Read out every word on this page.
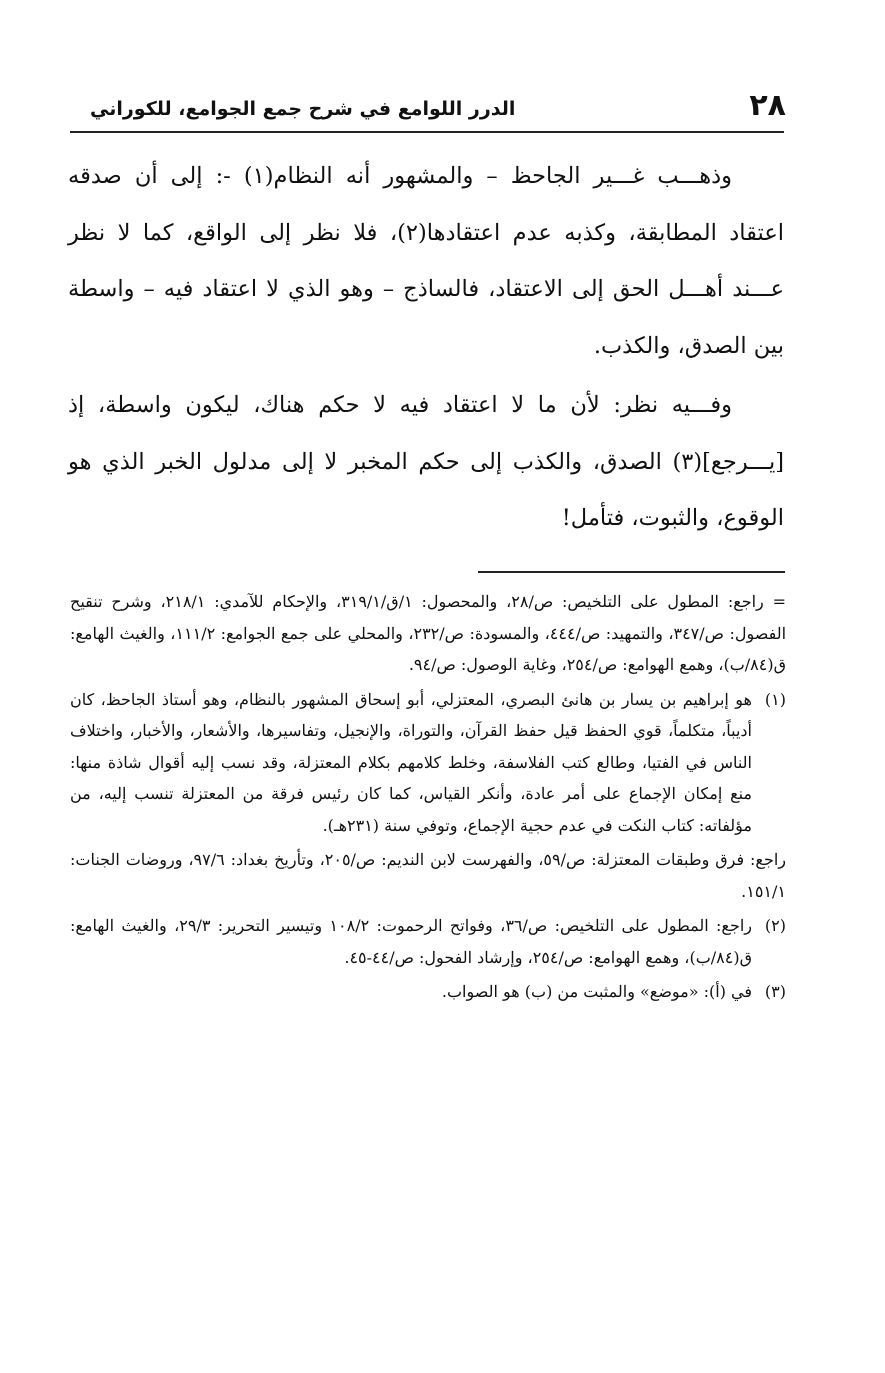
٢٨
الدرر اللوامع في شرح جمع الجوامع، للكوراني

وذهـــب غـــير الجاحظ – والمشهور أنه النظام(١) -: إلى أن صدقه اعتقاد المطابقة، وكذبه عدم اعتقادها(٢)، فلا نظر إلى الواقع، كما لا نظر عـــند أهـــل الحق إلى الاعتقاد، فالساذج – وهو الذي لا اعتقاد فيه – واسطة بين الصدق، والكذب.

وفـــيه نظر: لأن ما لا اعتقاد فيه لا حكم هناك، ليكون واسطة، إذ [يـــرجع](٣) الصدق، والكذب إلى حكم المخبر لا إلى مدلول الخبر الذي هو الوقوع، والثبوت، فتأمل!

= راجع: المطول على التلخيص: ص/٢٨، والمحصول: ١/ق/٣١٩/١، والإحكام للآمدي: ٢١٨/١، وشرح تنقيح الفصول: ص/٣٤٧، والتمهيد: ص/٤٤٤، والمسودة: ص/٢٣٢، والمحلي على جمع الجوامع: ١١١/٢، والغيث الهامع: ق(٨٤/ب)، وهمع الهوامع: ص/٢٥٤، وغاية الوصول: ص/٩٤.

(١)هو إبراهيم بن يسار بن هانئ البصري، المعتزلي، أبو إسحاق المشهور بالنظام، وهو أستاذ الجاحظ، كان أديباً، متكلماً، قوي الحفظ قيل حفظ القرآن، والتوراة، والإنجيل، وتفاسيرها، والأشعار، والأخبار، واختلاف الناس في الفتيا، وطالع كتب الفلاسفة، وخلط كلامهم بكلام المعتزلة، وقد نسب إليه أقوال شاذة منها: منع إمكان الإجماع على أمر عادة، وأنكر القياس، كما كان رئيس فرقة من المعتزلة تنسب إليه، من مؤلفاته: كتاب النكت في عدم حجية الإجماع، وتوفي سنة (٢٣١هـ).

راجع: فرق وطبقات المعتزلة: ص/٥٩، والفهرست لابن النديم: ص/٢٠٥، وتأريخ بغداد: ٩٧/٦، وروضات الجنات: ١٥١/١.

(٢)راجع: المطول على التلخيص: ص/٣٦، وفواتح الرحموت: ١٠٨/٢ وتيسير التحرير: ٢٩/٣، والغيث الهامع: ق(٨٤/ب)، وهمع الهوامع: ص/٢٥٤، وإرشاد الفحول: ص/٤٤-٤٥.

(٣)في (أ): «موضع» والمثبت من (ب) هو الصواب.
